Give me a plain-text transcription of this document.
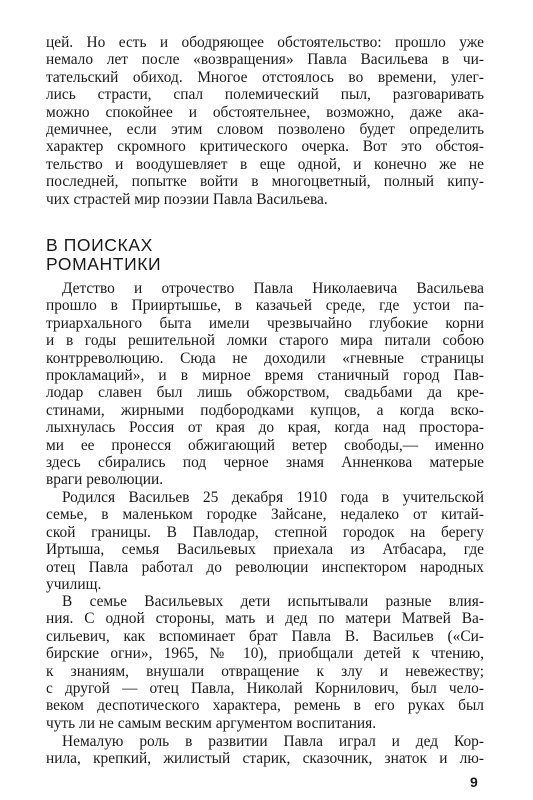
цей. Но есть и ободряющее обстоятельство: прошло уже
немало лет после «возвращения» Павла Васильева в чи-
тательский обиход. Многое отстоялось во времени, улег-
лись страсти, спал полемический пыл, разговаривать
можно спокойнее и обстоятельнее, возможно, даже ака-
демичнее, если этим словом позволено будет определить
характер скромного критического очерка. Вот это обстоя-
тельство и воодушевляет в еще одной, и конечно же не
последней, попытке войти в многоцветный, полный кипу-
чих страстей мир поэзии Павла Васильева.
В ПОИСКАХ
РОМАНТИКИ
Детство и отрочество Павла Николаевича Васильева
прошло в Прииртышье, в казачьей среде, где устои па-
триархального быта имели чрезвычайно глубокие корни
и в годы решительной ломки старого мира питали собою
контрреволюцию. Сюда не доходили «гневные страницы
прокламаций», и в мирное время станичный город Пав-
лодар славен был лишь обжорством, свадьбами да кре-
стинами, жирными подбородками купцов, а когда вско-
лыхнулась Россия от края до края, когда над простора-
ми ее пронесся обжигающий ветер свободы,— именно
здесь сбирались под черное знамя Анненкова матерые
враги революции.
Родился Васильев 25 декабря 1910 года в учительской
семье, в маленьком городке Зайсане, недалеко от китай-
ской границы. В Павлодар, степной городок на берегу
Иртыша, семья Васильевых приехала из Атбасара, где
отец Павла работал до революции инспектором народных
училищ.
В семье Васильевых дети испытывали разные влия-
ния. С одной стороны, мать и дед по матери Матвей Ва-
сильевич, как вспоминает брат Павла В. Васильев («Си-
бирские огни», 1965, № 10), приобщали детей к чтению,
к знаниям, внушали отвращение к злу и невежеству;
с другой — отец Павла, Николай Корнилович, был чело-
веком деспотического характера, ремень в его руках был
чуть ли не самым веским аргументом воспитания.
Немалую роль в развитии Павла играл и дед Кор-
нила, крепкий, жилистый старик, сказочник, знаток и лю-
9
